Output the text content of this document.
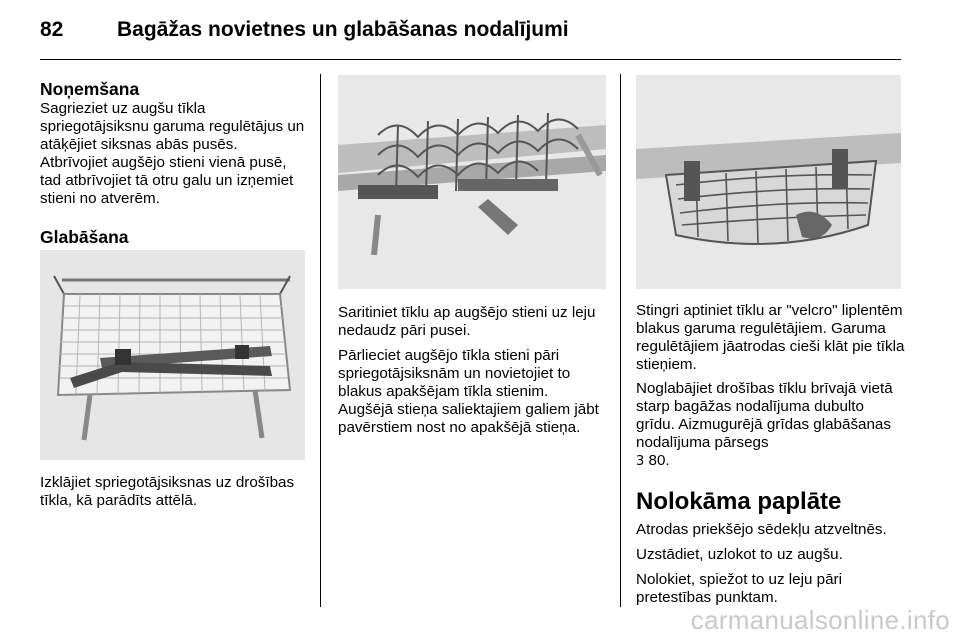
82	Bagāžas novietnes un glabāšanas nodalījumi

Noņemšana

Sagrieziet uz augšu tīkla spriegotājsiksnu garuma regulētājus un atāķējiet siksnas abās pusēs. Atbrīvojiet augšējo stieni vienā pusē, tad atbrīvojiet tā otru galu un izņemiet stieni no atverēm.

Glabāšana

Izklājiet spriegotājsiksnas uz drošības tīkla, kā parādīts attēlā.

Saritiniet tīklu ap augšējo stieni uz leju nedaudz pāri pusei.

Pārlieciet augšējo tīkla stieni pāri spriegotājsiksnām un novietojiet to blakus apakšējam tīkla stienim. Augšējā stieņa saliektajiem galiem jābt pavērstiem nost no apakšējā stieņa.

Stingri aptiniet tīklu ar "velcro" liplentēm blakus garuma regulētājiem. Garuma regulētājiem jāatrodas cieši klāt pie tīkla stieņiem.

Noglabājiet drošības tīklu brīvajā vietā starp bagāžas nodalījuma dubulto grīdu. Aizmugurējā grīdas glabāšanas nodalījuma pārsegs
3 80.

Nolokāma paplāte

Atrodas priekšējo sēdekļu atzveltnēs.

Uzstādiet, uzlokot to uz augšu.

Nolokiet, spiežot to uz leju pāri pretestības punktam.

carmanualsonline.info
